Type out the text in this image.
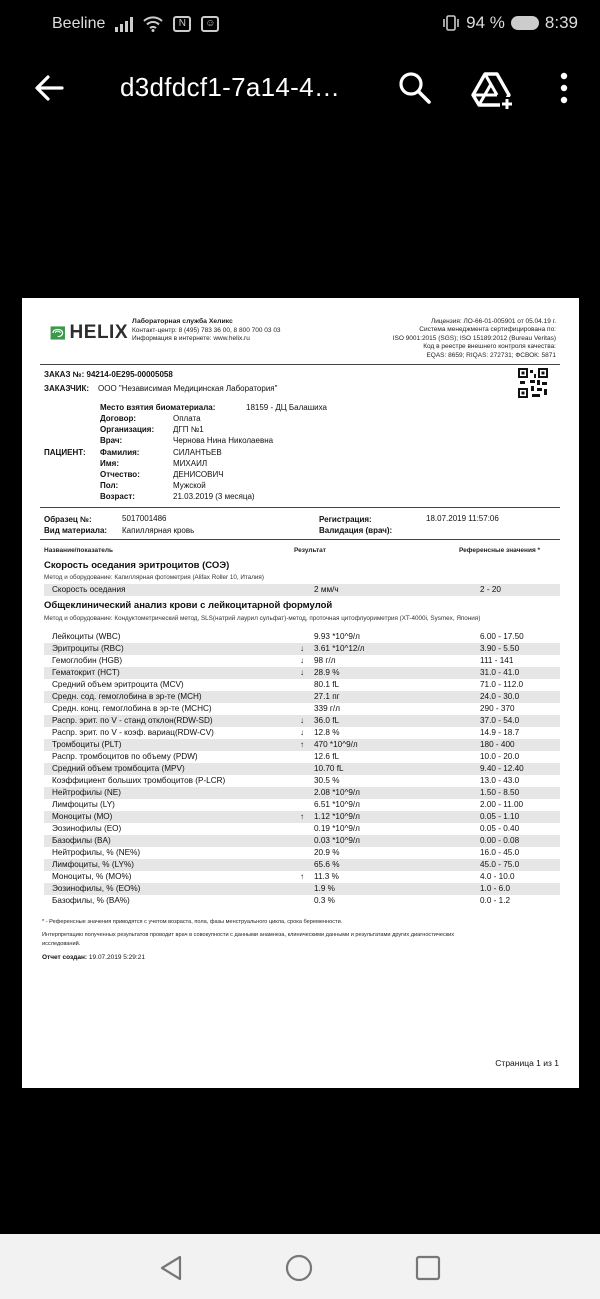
Beeline	N	☺	94 % 8:39
d3dfdcf1-7a14-4…
HELIX
Лабораторная служба Хеликс
Контакт-центр: 8 (495) 783 36 00, 8 800 700 03 03
Информация в интернете: www.helix.ru
Лицензия: ЛО-66-01-005901 от 05.04.19 г.
Система менеджмента сертифицирована по:
ISO 9001:2015 (SGS); ISO 15189:2012 (Bureau Veritas)
Код в реестре внешнего контроля качества:
EQAS: 8659; RIQAS: 272731; ФСВОК: 5871
ЗАКАЗ №: 94214-0E295-00005058
ЗАКАЗЧИК: ООО "Независимая Медицинская Лаборатория"
Место взятия биоматериала:	18159 - ДЦ Балашиха
Договор:	Оплата
Организация: ДГП №1
Врач:	Чернова Нина Николаевна
ПАЦИЕНТ: Фамилия:	СИЛАНТЬЕВ
Имя:	МИХАИЛ
Отчество:	ДЕНИСОВИЧ
Пол:	Мужской
Возраст:	21.03.2019 (3 месяца)
Образец №:	5017001486
Вид материала: Капиллярная кровь
Регистрация:	18.07.2019 11:57:06
Валидация (врач):
Название/показатель	Результат	Референсные значения *
Скорость оседания эритроцитов (СОЭ)
Метод и оборудование: Капиллярная фотометрия (Alifax Roller 10, Италия)
Скорость оседания	2 мм/ч	2 - 20
Общеклинический анализ крови с лейкоцитарной формулой
Метод и оборудование: Кондуктометрический метод, SLS(натрий лаурил сульфат)-метод, проточная цитофлуориметрия (XT-4000i, Sysmex, Япония)
Лейкоциты (WBC)	9.93 *10^9/л	6.00 - 17.50
Эритроциты (RBC)	↓ 3.61 *10^12/л	3.90 - 5.50
Гемоглобин (HGB)	↓ 98 г/л	111 - 141
Гематокрит (HCT)	↓ 28.9 %	31.0 - 41.0
Средний объем эритроцита (MCV)	80.1 fL	71.0 - 112.0
Средн. сод. гемоглобина в эр-те (MCH)	27.1 пг	24.0 - 30.0
Средн. конц. гемоглобина в эр-те (MCHC)	339 г/л	290 - 370
Распр. эрит. по V - станд отклон(RDW-SD)	↓ 36.0 fL	37.0 - 54.0
Распр. эрит. по V - коэф. вариац(RDW-CV)	↓ 12.8 %	14.9 - 18.7
Тромбоциты (PLT)	↑ 470 *10^9/л	180 - 400
Распр. тромбоцитов по объему (PDW)	12.6 fL	10.0 - 20.0
Средний объем тромбоцита (MPV)	10.70 fL	9.40 - 12.40
Коэффициент больших тромбоцитов (P-LCR)	30.5 %	13.0 - 43.0
Нейтрофилы (NE)	2.08 *10^9/л	1.50 - 8.50
Лимфоциты (LY)	6.51 *10^9/л	2.00 - 11.00
Моноциты (MO)	↑ 1.12 *10^9/л	0.05 - 1.10
Эозинофилы (EO)	0.19 *10^9/л	0.05 - 0.40
Базофилы (BA)	0.03 *10^9/л	0.00 - 0.08
Нейтрофилы, % (NE%)	20.9 %	16.0 - 45.0
Лимфоциты, % (LY%)	65.6 %	45.0 - 75.0
Моноциты, % (MO%)	↑ 11.3 %	4.0 - 10.0
Эозинофилы, % (EO%)	1.9 %	1.0 - 6.0
Базофилы, % (BA%)	0.3 %	0.0 - 1.2
* - Референсные значения приводятся с учетом возраста, пола, фазы менструального цикла, срока беременности.
Интерпретацию полученных результатов проводит врач в совокупности с данными анамнеза, клиническими данными и результатами других диагностических исследований.
Отчет создан: 19.07.2019 5:29:21
Страница 1 из 1
